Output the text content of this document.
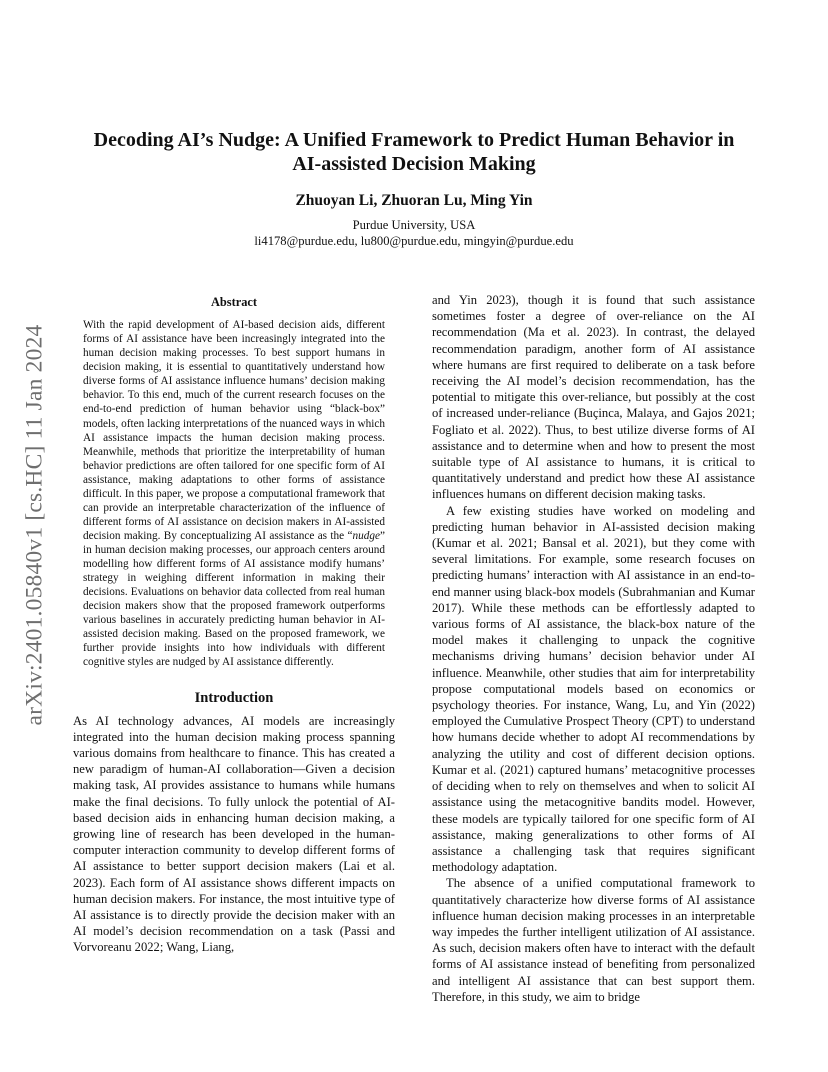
arXiv:2401.05840v1 [cs.HC] 11 Jan 2024
Decoding AI’s Nudge: A Unified Framework to Predict Human Behavior in AI-assisted Decision Making
Zhuoyan Li, Zhuoran Lu, Ming Yin
Purdue University, USA
li4178@purdue.edu, lu800@purdue.edu, mingyin@purdue.edu
Abstract

With the rapid development of AI-based decision aids, different forms of AI assistance have been increasingly integrated into the human decision making processes. To best support humans in decision making, it is essential to quantitatively understand how diverse forms of AI assistance influence humans’ decision making behavior. To this end, much of the current research focuses on the end-to-end prediction of human behavior using “black-box” models, often lacking interpretations of the nuanced ways in which AI assistance impacts the human decision making process. Meanwhile, methods that prioritize the interpretability of human behavior predictions are often tailored for one specific form of AI assistance, making adaptations to other forms of assistance difficult. In this paper, we propose a computational framework that can provide an interpretable characterization of the influence of different forms of AI assistance on decision makers in AI-assisted decision making. By conceptualizing AI assistance as the “nudge” in human decision making processes, our approach centers around modelling how different forms of AI assistance modify humans’ strategy in weighing different information in making their decisions. Evaluations on behavior data collected from real human decision makers show that the proposed framework outperforms various baselines in accurately predicting human behavior in AI-assisted decision making. Based on the proposed framework, we further provide insights into how individuals with different cognitive styles are nudged by AI assistance differently.

Introduction

As AI technology advances, AI models are increasingly integrated into the human decision making process spanning various domains from healthcare to finance. This has created a new paradigm of human-AI collaboration—Given a decision making task, AI provides assistance to humans while humans make the final decisions. To fully unlock the potential of AI-based decision aids in enhancing human decision making, a growing line of research has been developed in the human-computer interaction community to develop different forms of AI assistance to better support decision makers (Lai et al. 2023). Each form of AI assistance shows different impacts on human decision makers. For instance, the most intuitive type of AI assistance is to directly provide the decision maker with an AI model’s decision recommendation on a task (Passi and Vorvoreanu 2022; Wang, Liang,

and Yin 2023), though it is found that such assistance sometimes foster a degree of over-reliance on the AI recommendation (Ma et al. 2023). In contrast, the delayed recommendation paradigm, another form of AI assistance where humans are first required to deliberate on a task before receiving the AI model’s decision recommendation, has the potential to mitigate this over-reliance, but possibly at the cost of increased under-reliance (Buçinca, Malaya, and Gajos 2021; Fogliato et al. 2022). Thus, to best utilize diverse forms of AI assistance and to determine when and how to present the most suitable type of AI assistance to humans, it is critical to quantitatively understand and predict how these AI assistance influences humans on different decision making tasks.

A few existing studies have worked on modeling and predicting human behavior in AI-assisted decision making (Kumar et al. 2021; Bansal et al. 2021), but they come with several limitations. For example, some research focuses on predicting humans’ interaction with AI assistance in an end-to-end manner using black-box models (Subrahmanian and Kumar 2017). While these methods can be effortlessly adapted to various forms of AI assistance, the black-box nature of the model makes it challenging to unpack the cognitive mechanisms driving humans’ decision behavior under AI influence. Meanwhile, other studies that aim for interpretability propose computational models based on economics or psychology theories. For instance, Wang, Lu, and Yin (2022) employed the Cumulative Prospect Theory (CPT) to understand how humans decide whether to adopt AI recommendations by analyzing the utility and cost of different decision options. Kumar et al. (2021) captured humans’ metacognitive processes of deciding when to rely on themselves and when to solicit AI assistance using the metacognitive bandits model. However, these models are typically tailored for one specific form of AI assistance, making generalizations to other forms of AI assistance a challenging task that requires significant methodology adaptation.

The absence of a unified computational framework to quantitatively characterize how diverse forms of AI assistance influence human decision making processes in an interpretable way impedes the further intelligent utilization of AI assistance. As such, decision makers often have to interact with the default forms of AI assistance instead of benefiting from personalized and intelligent AI assistance that can best support them. Therefore, in this study, we aim to bridge
